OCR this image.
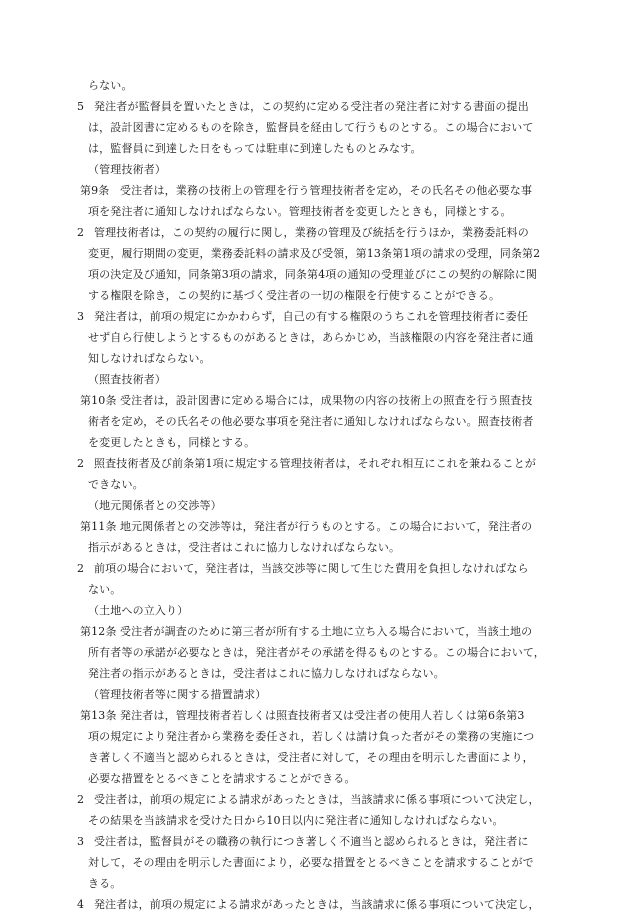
らない。
5 発注者が監督員を置いたときは，この契約に定める受注者の発注者に対する書面の提出
は，設計図書に定めるものを除き，監督員を経由して行うものとする。この場合において
は，監督員に到達した日をもっては駐車に到達したものとみなす。
（管理技術者）
第9条 受注者は，業務の技術上の管理を行う管理技術者を定め，その氏名その他必要な事
項を発注者に通知しなければならない。管理技術者を変更したときも，同様とする。
2 管理技術者は，この契約の履行に関し，業務の管理及び統括を行うほか，業務委託料の
変更，履行期間の変更，業務委託料の請求及び受領，第13条第1項の請求の受理，同条第2
項の決定及び通知，同条第3項の請求，同条第4項の通知の受理並びにこの契約の解除に関
する権限を除き，この契約に基づく受注者の一切の権限を行使することができる。
3 発注者は，前項の規定にかかわらず，自己の有する権限のうちこれを管理技術者に委任
せず自ら行使しようとするものがあるときは，あらかじめ，当該権限の内容を発注者に通
知しなければならない。
（照査技術者）
第10条 受注者は，設計図書に定める場合には，成果物の内容の技術上の照査を行う照査技
術者を定め，その氏名その他必要な事項を発注者に通知しなければならない。照査技術者
を変更したときも，同様とする。
2 照査技術者及び前条第1項に規定する管理技術者は，それぞれ相互にこれを兼ねることが
できない。
（地元関係者との交渉等）
第11条 地元関係者との交渉等は，発注者が行うものとする。この場合において，発注者の
指示があるときは，受注者はこれに協力しなければならない。
2 前項の場合において，発注者は，当該交渉等に関して生じた費用を負担しなければなら
ない。
（土地への立入り）
第12条 受注者が調査のために第三者が所有する土地に立ち入る場合において，当該土地の
所有者等の承諾が必要なときは，発注者がその承諾を得るものとする。この場合において，
発注者の指示があるときは，受注者はこれに協力しなければならない。
（管理技術者等に関する措置請求）
第13条 発注者は，管理技術者若しくは照査技術者又は受注者の使用人若しくは第6条第3
項の規定により発注者から業務を委任され，若しくは請け負った者がその業務の実施につ
き著しく不適当と認められるときは，受注者に対して，その理由を明示した書面により，
必要な措置をとるべきことを請求することができる。
2 受注者は，前項の規定による請求があったときは，当該請求に係る事項について決定し，
その結果を当該請求を受けた日から10日以内に発注者に通知しなければならない。
3 受注者は，監督員がその職務の執行につき著しく不適当と認められるときは，発注者に
対して，その理由を明示した書面により，必要な措置をとるべきことを請求することがで
きる。
4 発注者は，前項の規定による請求があったときは，当該請求に係る事項について決定し，
